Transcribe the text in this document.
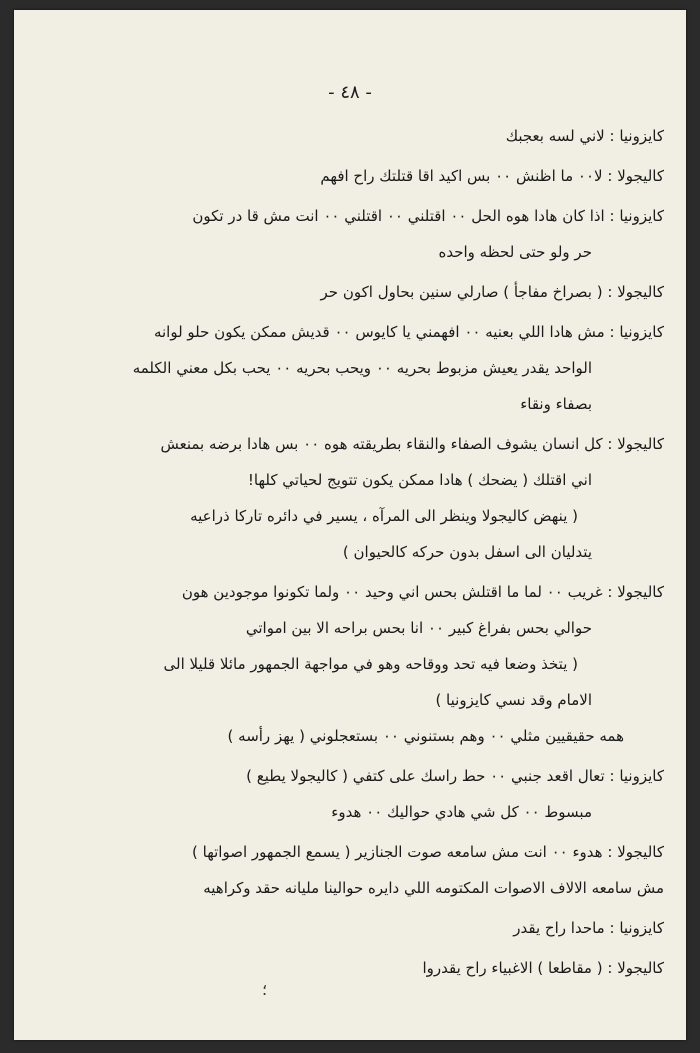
- ٤٨ -
كايزونيا : لاني لسه بعجبك
كاليجولا : لا٠٠ ما اظنش ٠٠ بس اكيد اقا قتلتك راح افهم
كايزونيا : اذا كان هادا هوه الحل ٠٠ اقتلني ٠٠ اقتلني ٠٠ انت مش قا در تكون
حر ولو حتى لحظه واحده
كاليجولا : ( بصراخ مفاجأ ) صارلي سنين بحاول اكون حر
كايزونيا : مش هادا اللي بعنيه ٠٠ افهمني يا كايوس ٠٠ قديش ممكن يكون حلو لوانه
الواحد يقدر يعيش مزبوط بحريه ٠٠ ويحب بحريه ٠٠ يحب بكل معني الكلمه
بصفاء ونقاء
كاليجولا : كل انسان يشوف الصفاء والنقاء بطريقته هوه ٠٠ بس هادا برضه بمنعش
اني اقتلك ( يضحك ) هادا ممكن يكون تتويج لحياتي كلها!
( ينهض كاليجولا وينظر الى المرآه ، يسير في دائره تاركا ذراعيه
يتدليان الى اسفل بدون حركه كالحيوان )
كاليجولا : غريب ٠٠ لما ما اقتلش بحس اني وحيد ٠٠ ولما تكونوا موجودين هون
حوالي بحس بفراغ كبير ٠٠ انا بحس براحه الا بين امواتي
( يتخذ وضعا فيه تحد ووقاحه وهو في مواجهة الجمهور مائلا قليلا الى
الامام وقد نسي كايزونيا )
همه حقيقيين مثلي ٠٠ وهم بستنوني ٠٠ بستعجلوني ( يهز رأسه )
كايزونيا : تعال اقعد جنبي ٠٠ حط راسك على كتفي ( كاليجولا يطيع )
مبسوط ٠٠ كل شي هادي حواليك ٠٠ هدوء
كاليجولا : هدوء ٠٠ انت مش سامعه صوت الجنازير ( يسمع الجمهور اصواتها )
مش سامعه الالاف الاصوات المكتومه اللي دايره حوالينا مليانه حقد وكراهيه
كايزونيا : ماحدا راح يقدر
كاليجولا : ( مقاطعا ) الاغبياء راح يقدروا
؛
